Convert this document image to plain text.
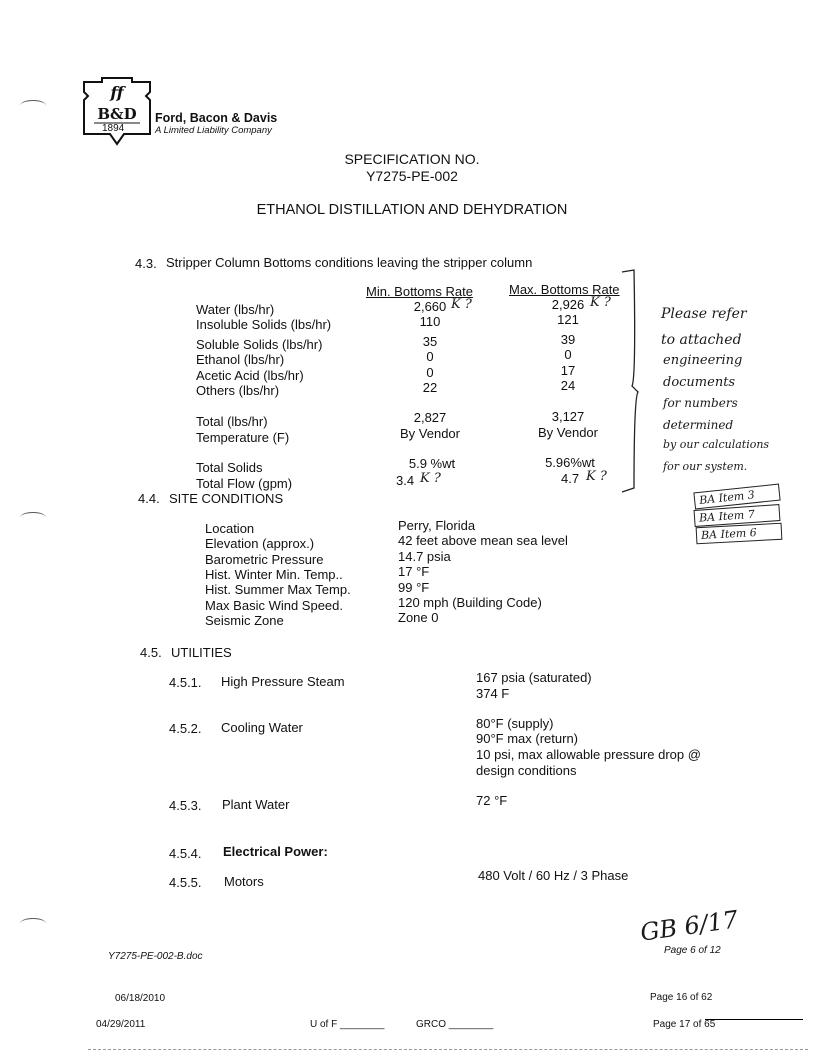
ff
B&D
1894
Ford, Bacon & Davis
A Limited Liability Company
SPECIFICATION NO.
Y7275-PE-002
ETHANOL DISTILLATION AND DEHYDRATION
4.3. Stripper Column Bottoms conditions leaving the stripper column
Min. Bottoms Rate	Max. Bottoms Rate
Water (lbs/hr)	2,660	2,926
Insoluble Solids (lbs/hr)	110	121
Soluble Solids (lbs/hr)	35	39
Ethanol (lbs/hr)	0	0
Acetic Acid (lbs/hr)	0	17
Others (lbs/hr)	22	24
Total (lbs/hr)	2,827	3,127
Temperature (F)	By Vendor	By Vendor
Total Solids	5.9 %wt	5.96%wt
Total Flow (gpm)	3.4	4.7
K ?	K ?
K ?	K ?
Please refer
to attached
engineering
documents
for numbers
determined
by our calculations
for our system.
BA Item 3
BA Item 7
BA Item 6
4.4. SITE CONDITIONS
Location	Perry, Florida
Elevation (approx.)	42 feet above mean sea level
Barometric Pressure	14.7 psia
Hist. Winter Min. Temp..	17 °F
Hist. Summer Max Temp.	99 °F
Max Basic Wind Speed.	120 mph (Building Code)
Seismic Zone	Zone 0
4.5. UTILITIES
4.5.1. High Pressure Steam	167 psia (saturated)
374 F
4.5.2. Cooling Water	80°F (supply)
90°F max (return)
10 psi, max allowable pressure drop @
design conditions
4.5.3. Plant Water	72 °F
4.5.4. Electrical Power:
4.5.5. Motors	480 Volt / 60 Hz / 3 Phase
GB 6/17
Y7275-PE-002-B.doc
Page 6 of 12
06/18/2010	Page 16 of 62
04/29/2011	U of F ________	GRCO ________	Page 17 of 65
